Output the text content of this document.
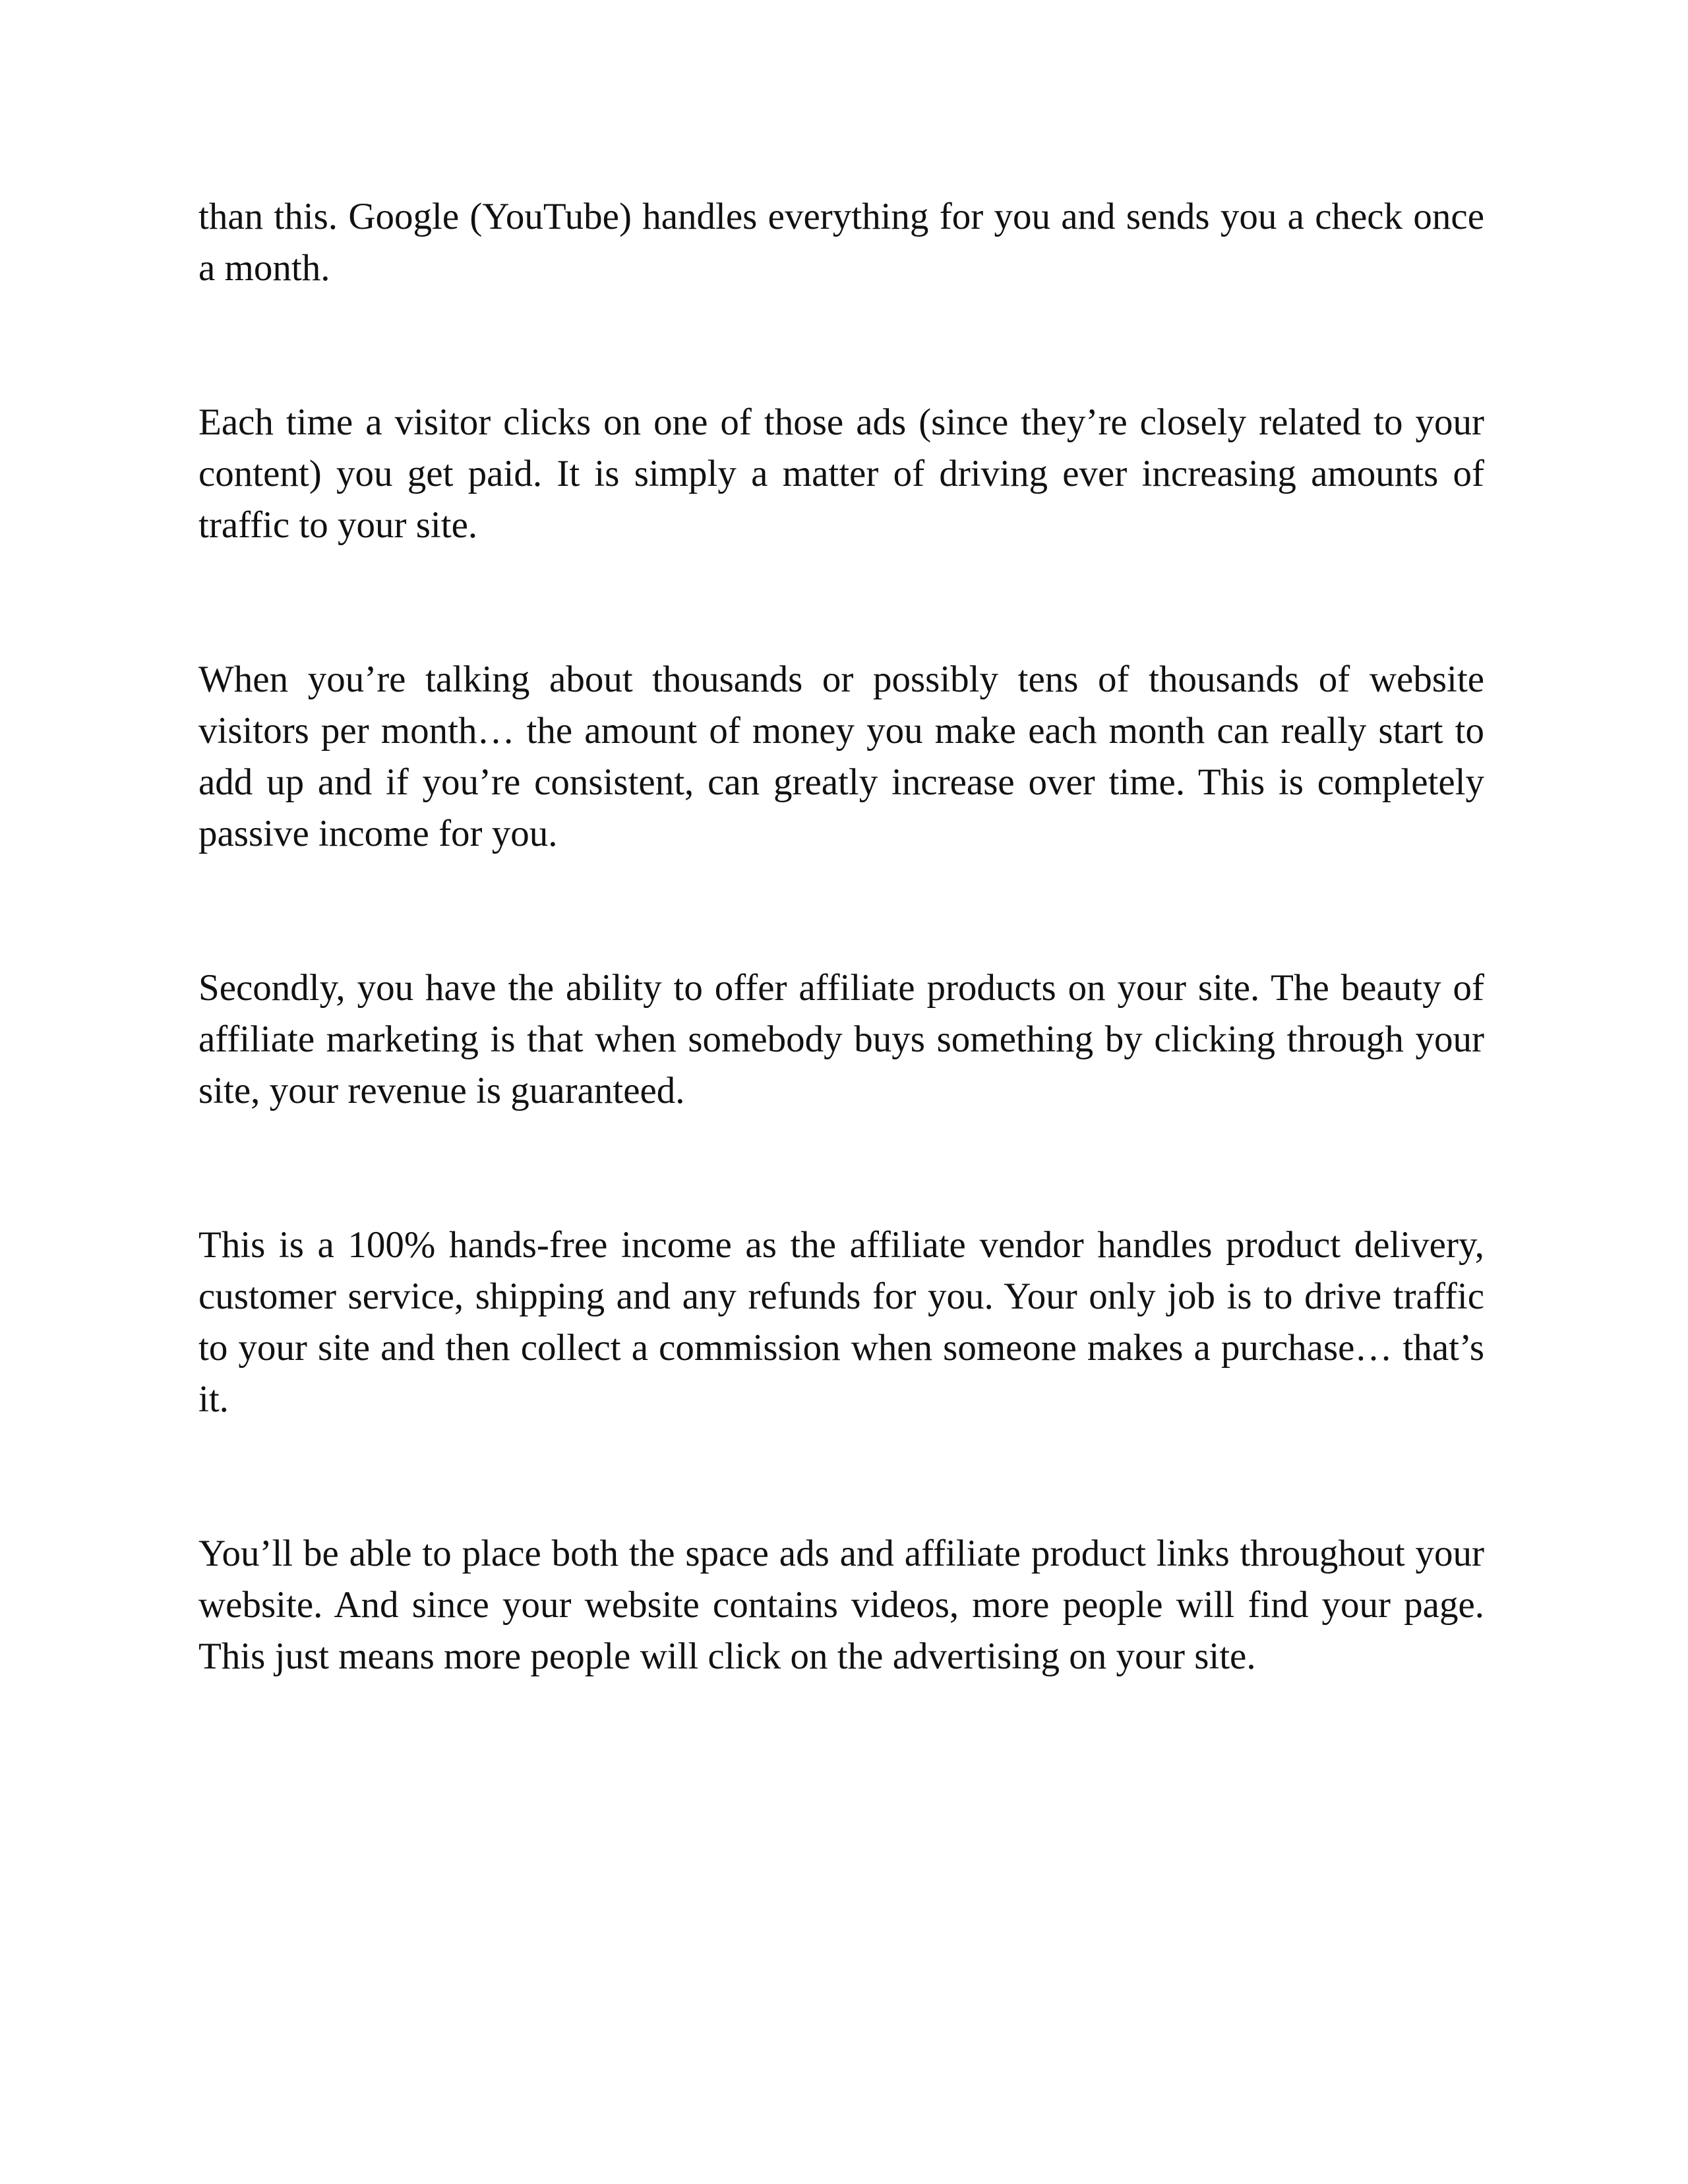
than this. Google (YouTube) handles everything for you and sends you a check once a month.

Each time a visitor clicks on one of those ads (since they’re closely related to your content) you get paid. It is simply a matter of driving ever increasing amounts of traffic to your site.

When you’re talking about thousands or possibly tens of thousands of website visitors per month… the amount of money you make each month can really start to add up and if you’re consistent, can greatly increase over time. This is completely passive income for you.

Secondly, you have the ability to offer affiliate products on your site. The beauty of affiliate marketing is that when somebody buys something by clicking through your site, your revenue is guaranteed.

This is a 100% hands-free income as the affiliate vendor handles product delivery, customer service, shipping and any refunds for you. Your only job is to drive traffic to your site and then collect a commission when someone makes a purchase… that’s it.

You’ll be able to place both the space ads and affiliate product links throughout your website. And since your website contains videos, more people will find your page. This just means more people will click on the advertising on your site.
